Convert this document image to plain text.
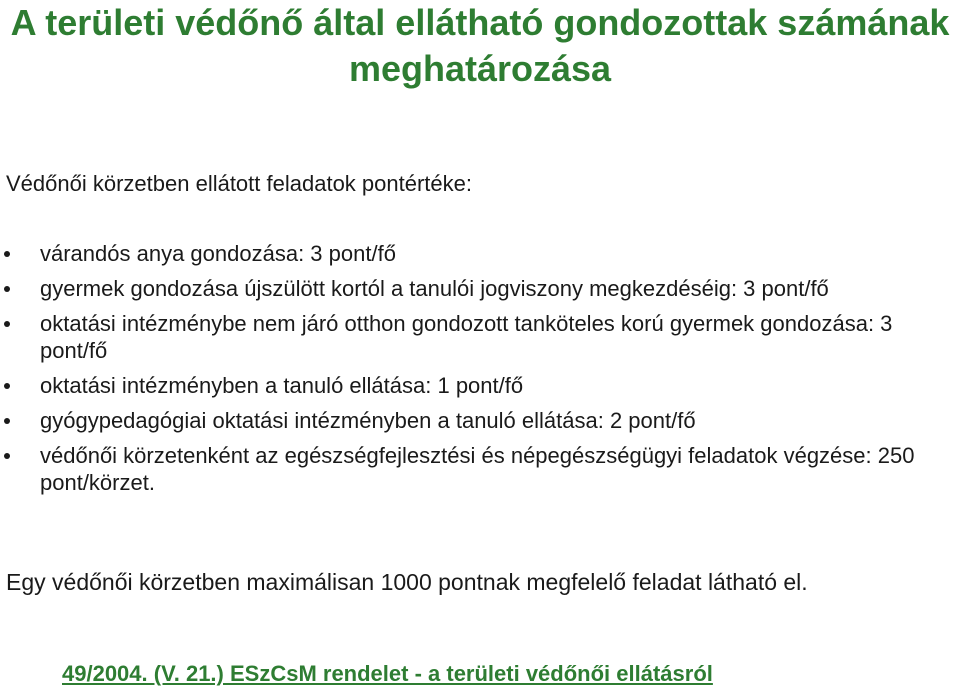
A területi védőnő által ellátható gondozottak számának meghatározása

Védőnői körzetben ellátott feladatok pontértéke:

várandós anya gondozása: 3 pont/fő
gyermek gondozása újszülött kortól a tanulói jogviszony megkezdéséig: 3 pont/fő
oktatási intézménybe nem járó otthon gondozott tanköteles korú gyermek gondozása: 3 pont/fő
oktatási intézményben a tanuló ellátása: 1 pont/fő
gyógypedagógiai oktatási intézményben a tanuló ellátása: 2 pont/fő
védőnői körzetenként az egészségfejlesztési és népegészségügyi feladatok végzése: 250 pont/körzet.

Egy védőnői körzetben maximálisan 1000 pontnak megfelelő feladat látható el.

49/2004. (V. 21.) ESzCsM rendelet - a területi védőnői ellátásról
